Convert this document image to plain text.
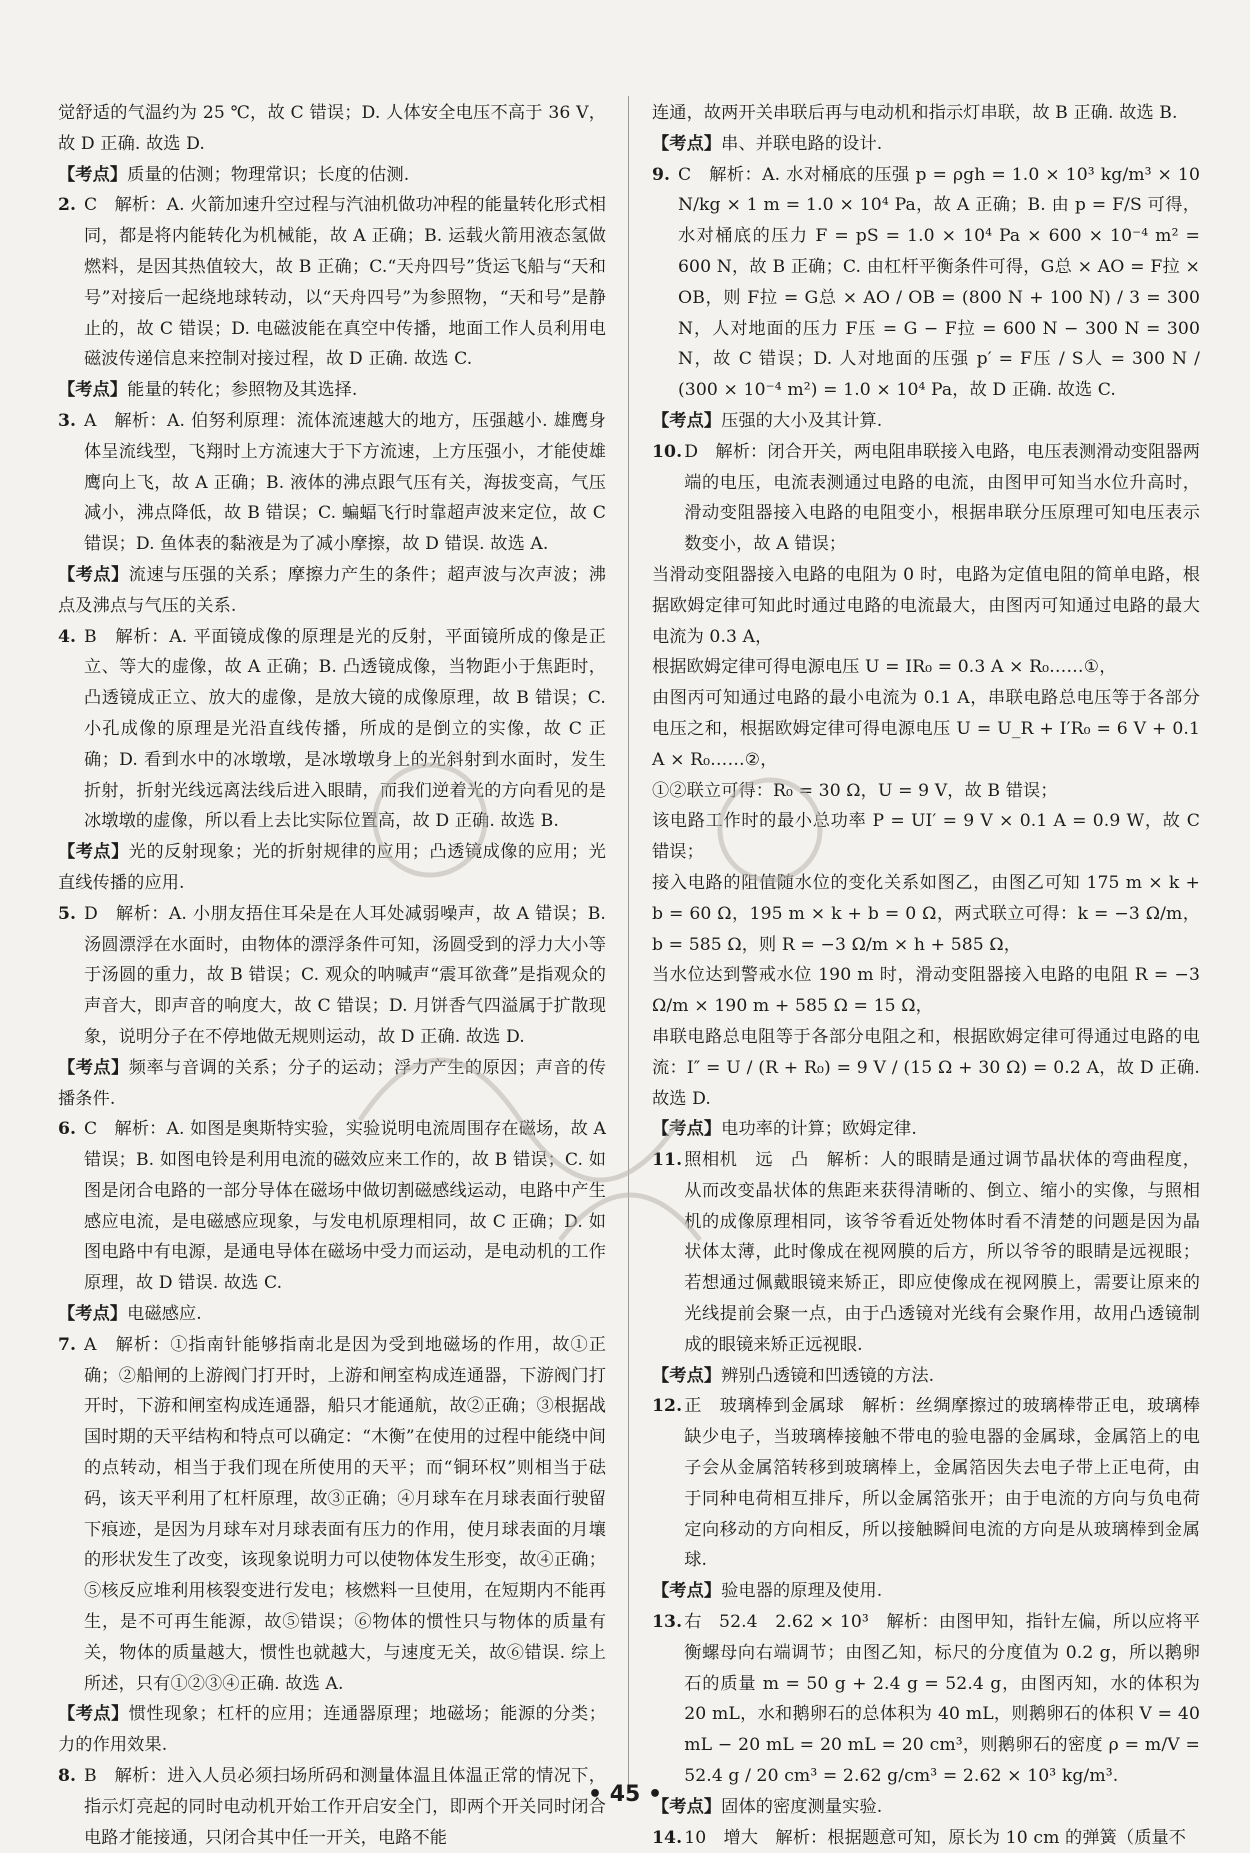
觉舒适的气温约为 25 ℃，故 C 错误；D. 人体安全电压不高于 36 V，故 D 正确. 故选 D.

【考点】质量的估测；物理常识；长度的估测.

2. C　解析：A. 火箭加速升空过程与汽油机做功冲程的能量转化形式相同，都是将内能转化为机械能，故 A 正确；B. 运载火箭用液态氢做燃料，是因其热值较大，故 B 正确；C.“天舟四号”货运飞船与“天和号”对接后一起绕地球转动，以“天舟四号”为参照物，“天和号”是静止的，故 C 错误；D. 电磁波能在真空中传播，地面工作人员利用电磁波传递信息来控制对接过程，故 D 正确. 故选 C.

【考点】能量的转化；参照物及其选择.

3. A　解析：A. 伯努利原理：流体流速越大的地方，压强越小. 雄鹰身体呈流线型，飞翔时上方流速大于下方流速，上方压强小，才能使雄鹰向上飞，故 A 正确；B. 液体的沸点跟气压有关，海拔变高，气压减小，沸点降低，故 B 错误；C. 蝙蝠飞行时靠超声波来定位，故 C 错误；D. 鱼体表的黏液是为了减小摩擦，故 D 错误. 故选 A.

【考点】流速与压强的关系；摩擦力产生的条件；超声波与次声波；沸点及沸点与气压的关系.

4. B　解析：A. 平面镜成像的原理是光的反射，平面镜所成的像是正立、等大的虚像，故 A 正确；B. 凸透镜成像，当物距小于焦距时，凸透镜成正立、放大的虚像，是放大镜的成像原理，故 B 错误；C. 小孔成像的原理是光沿直线传播，所成的是倒立的实像，故 C 正确；D. 看到水中的冰墩墩，是冰墩墩身上的光斜射到水面时，发生折射，折射光线远离法线后进入眼睛，而我们逆着光的方向看见的是冰墩墩的虚像，所以看上去比实际位置高，故 D 正确. 故选 B.

【考点】光的反射现象；光的折射规律的应用；凸透镜成像的应用；光直线传播的应用.

5. D　解析：A. 小朋友捂住耳朵是在人耳处减弱噪声，故 A 错误；B. 汤圆漂浮在水面时，由物体的漂浮条件可知，汤圆受到的浮力大小等于汤圆的重力，故 B 错误；C. 观众的呐喊声“震耳欲聋”是指观众的声音大，即声音的响度大，故 C 错误；D. 月饼香气四溢属于扩散现象，说明分子在不停地做无规则运动，故 D 正确. 故选 D.

【考点】频率与音调的关系；分子的运动；浮力产生的原因；声音的传播条件.

6. C　解析：A. 如图是奥斯特实验，实验说明电流周围存在磁场，故 A 错误；B. 如图电铃是利用电流的磁效应来工作的，故 B 错误；C. 如图是闭合电路的一部分导体在磁场中做切割磁感线运动，电路中产生感应电流，是电磁感应现象，与发电机原理相同，故 C 正确；D. 如图电路中有电源，是通电导体在磁场中受力而运动，是电动机的工作原理，故 D 错误. 故选 C.

【考点】电磁感应.

7. A　解析：①指南针能够指南北是因为受到地磁场的作用，故①正确；②船闸的上游阀门打开时，上游和闸室构成连通器，下游阀门打开时，下游和闸室构成连通器，船只才能通航，故②正确；③根据战国时期的天平结构和特点可以确定：“木衡”在使用的过程中能绕中间的点转动，相当于我们现在所使用的天平；而“铜环权”则相当于砝码，该天平利用了杠杆原理，故③正确；④月球车在月球表面行驶留下痕迹，是因为月球车对月球表面有压力的作用，使月球表面的月壤的形状发生了改变，该现象说明力可以使物体发生形变，故④正确；⑤核反应堆利用核裂变进行发电；核燃料一旦使用，在短期内不能再生，是不可再生能源，故⑤错误；⑥物体的惯性只与物体的质量有关，物体的质量越大，惯性也就越大，与速度无关，故⑥错误. 综上所述，只有①②③④正确. 故选 A.

【考点】惯性现象；杠杆的应用；连通器原理；地磁场；能源的分类；力的作用效果.

8. B　解析：进入人员必须扫场所码和测量体温且体温正常的情况下，指示灯亮起的同时电动机开始工作开启安全门，即两个开关同时闭合电路才能接通，只闭合其中任一开关，电路不能

连通，故两开关串联后再与电动机和指示灯串联，故 B 正确. 故选 B.

【考点】串、并联电路的设计.

9. C　解析：A. 水对桶底的压强 p = ρgh = 1.0 × 10³ kg/m³ × 10 N/kg × 1 m = 1.0 × 10⁴ Pa，故 A 正确；B. 由 p = F/S 可得，水对桶底的压力 F = pS = 1.0 × 10⁴ Pa × 600 × 10⁻⁴ m² = 600 N，故 B 正确；C. 由杠杆平衡条件可得，G总 × AO = F拉 × OB，则 F拉 = G总 × AO / OB = (800 N + 100 N) / 3 = 300 N，人对地面的压力 F压 = G − F拉 = 600 N − 300 N = 300 N，故 C 错误；D. 人对地面的压强 p′ = F压 / S人 = 300 N / (300 × 10⁻⁴ m²) = 1.0 × 10⁴ Pa，故 D 正确. 故选 C.

【考点】压强的大小及其计算.

10. D　解析：闭合开关，两电阻串联接入电路，电压表测滑动变阻器两端的电压，电流表测通过电路的电流，由图甲可知当水位升高时，滑动变阻器接入电路的电阻变小，根据串联分压原理可知电压表示数变小，故 A 错误；

当滑动变阻器接入电路的电阻为 0 时，电路为定值电阻的简单电路，根据欧姆定律可知此时通过电路的电流最大，由图丙可知通过电路的最大电流为 0.3 A，

根据欧姆定律可得电源电压 U = IR₀ = 0.3 A × R₀……①，

由图丙可知通过电路的最小电流为 0.1 A，串联电路总电压等于各部分电压之和，根据欧姆定律可得电源电压 U = U_R + I′R₀ = 6 V + 0.1 A × R₀……②，

①②联立可得：R₀ = 30 Ω，U = 9 V，故 B 错误；

该电路工作时的最小总功率 P = UI′ = 9 V × 0.1 A = 0.9 W，故 C 错误；

接入电路的阻值随水位的变化关系如图乙，由图乙可知 175 m × k + b = 60 Ω，195 m × k + b = 0 Ω，两式联立可得：k = −3 Ω/m，b = 585 Ω，则 R = −3 Ω/m × h + 585 Ω，

当水位达到警戒水位 190 m 时，滑动变阻器接入电路的电阻 R = −3 Ω/m × 190 m + 585 Ω = 15 Ω，

串联电路总电阻等于各部分电阻之和，根据欧姆定律可得通过电路的电流：I″ = U / (R + R₀) = 9 V / (15 Ω + 30 Ω) = 0.2 A，故 D 正确. 故选 D.

【考点】电功率的计算；欧姆定律.

11. 照相机　远　凸　解析：人的眼睛是通过调节晶状体的弯曲程度，从而改变晶状体的焦距来获得清晰的、倒立、缩小的实像，与照相机的成像原理相同，该爷爷看近处物体时看不清楚的问题是因为晶状体太薄，此时像成在视网膜的后方，所以爷爷的眼睛是远视眼；若想通过佩戴眼镜来矫正，即应使像成在视网膜上，需要让原来的光线提前会聚一点，由于凸透镜对光线有会聚作用，故用凸透镜制成的眼镜来矫正远视眼.

【考点】辨别凸透镜和凹透镜的方法.

12. 正　玻璃棒到金属球　解析：丝绸摩擦过的玻璃棒带正电，玻璃棒缺少电子，当玻璃棒接触不带电的验电器的金属球，金属箔上的电子会从金属箔转移到玻璃棒上，金属箔因失去电子带上正电荷，由于同种电荷相互排斥，所以金属箔张开；由于电流的方向与负电荷定向移动的方向相反，所以接触瞬间电流的方向是从玻璃棒到金属球.

【考点】验电器的原理及使用.

13. 右　52.4　2.62 × 10³　解析：由图甲知，指针左偏，所以应将平衡螺母向右端调节；由图乙知，标尺的分度值为 0.2 g，所以鹅卵石的质量 m = 50 g + 2.4 g = 52.4 g，由图丙知，水的体积为 20 mL，水和鹅卵石的总体积为 40 mL，则鹅卵石的体积 V = 40 mL − 20 mL = 20 mL = 20 cm³，则鹅卵石的密度 ρ = m/V = 52.4 g / 20 cm³ = 2.62 g/cm³ = 2.62 × 10³ kg/m³.

【考点】固体的密度测量实验.

14. 10　增大　解析：根据题意可知，原长为 10 cm 的弹簧（质量不
• 45 •
